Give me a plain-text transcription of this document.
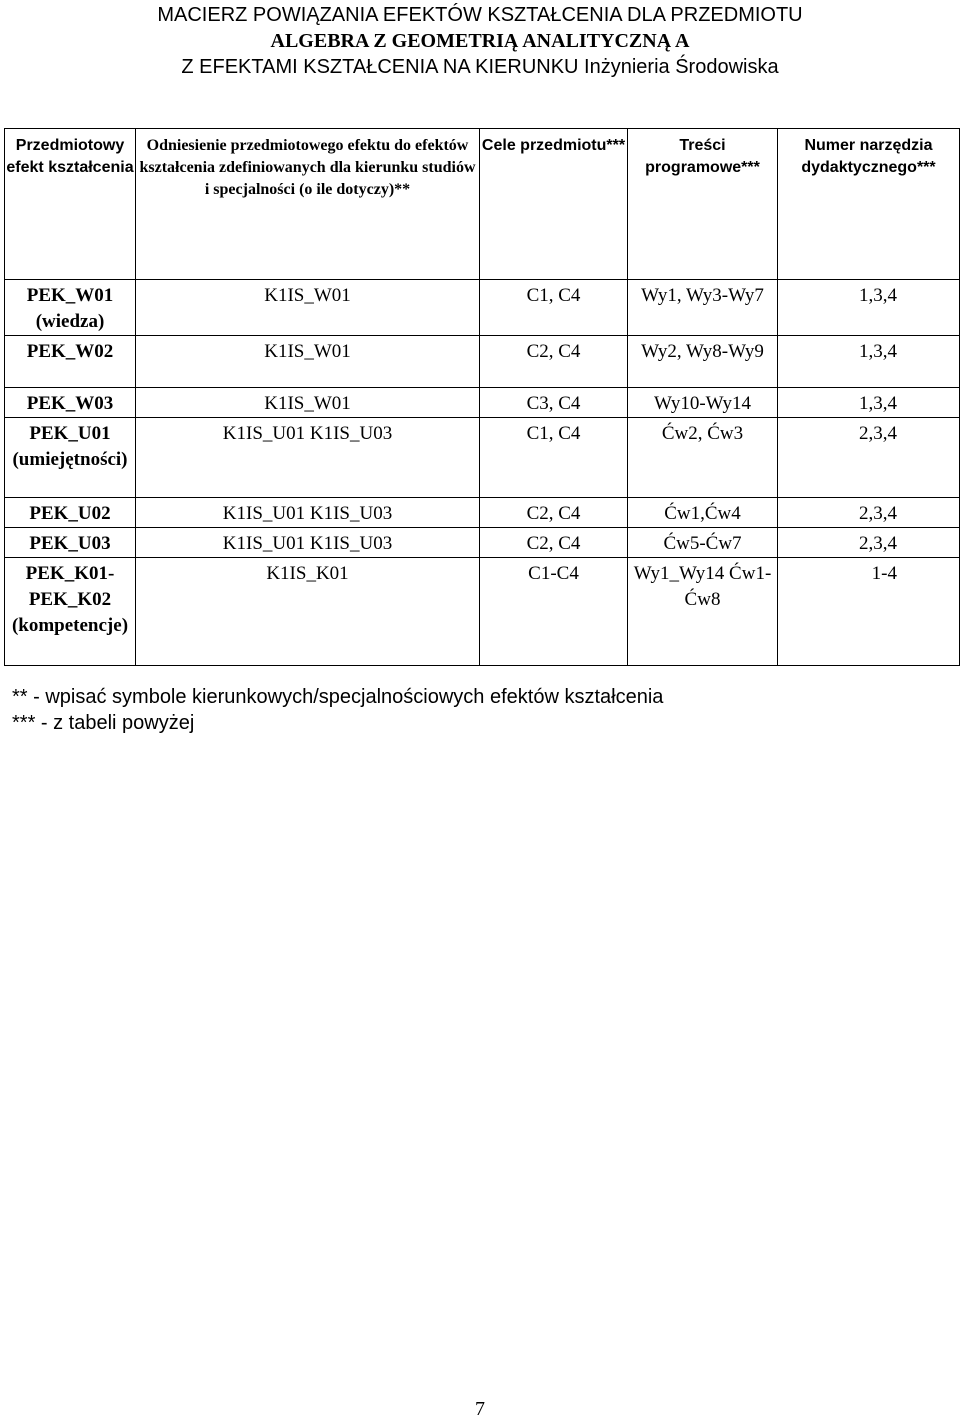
MACIERZ POWIĄZANIA EFEKTÓW KSZTAŁCENIA DLA PRZEDMIOTU
ALGEBRA Z GEOMETRIĄ ANALITYCZNĄ A
Z EFEKTAMI KSZTAŁCENIA NA KIERUNKU Inżynieria Środowiska
Przedmiotowy efekt kształcenia	Odniesienie przedmiotowego efektu do efektów kształcenia zdefiniowanych dla kierunku studiów i specjalności (o ile dotyczy)**	Cele przedmiotu***	Treści programowe***	Numer narzędzia dydaktycznego***
PEK_W01 (wiedza)	K1IS_W01	C1, C4	Wy1, Wy3-Wy7	1,3,4
PEK_W02	K1IS_W01	C2, C4	Wy2, Wy8-Wy9	1,3,4
PEK_W03	K1IS_W01	C3, C4	Wy10-Wy14	1,3,4
PEK_U01 (umiejętności)	K1IS_U01 K1IS_U03	C1, C4	Ćw2, Ćw3	2,3,4
PEK_U02	K1IS_U01 K1IS_U03	C2, C4	Ćw1,Ćw4	2,3,4
PEK_U03	K1IS_U01 K1IS_U03	C2, C4	Ćw5-Ćw7	2,3,4
PEK_K01-PEK_K02 (kompetencje)	K1IS_K01	C1-C4	Wy1_Wy14 Ćw1-Ćw8	1-4
** - wpisać symbole kierunkowych/specjalnościowych efektów kształcenia
*** - z tabeli powyżej
7
